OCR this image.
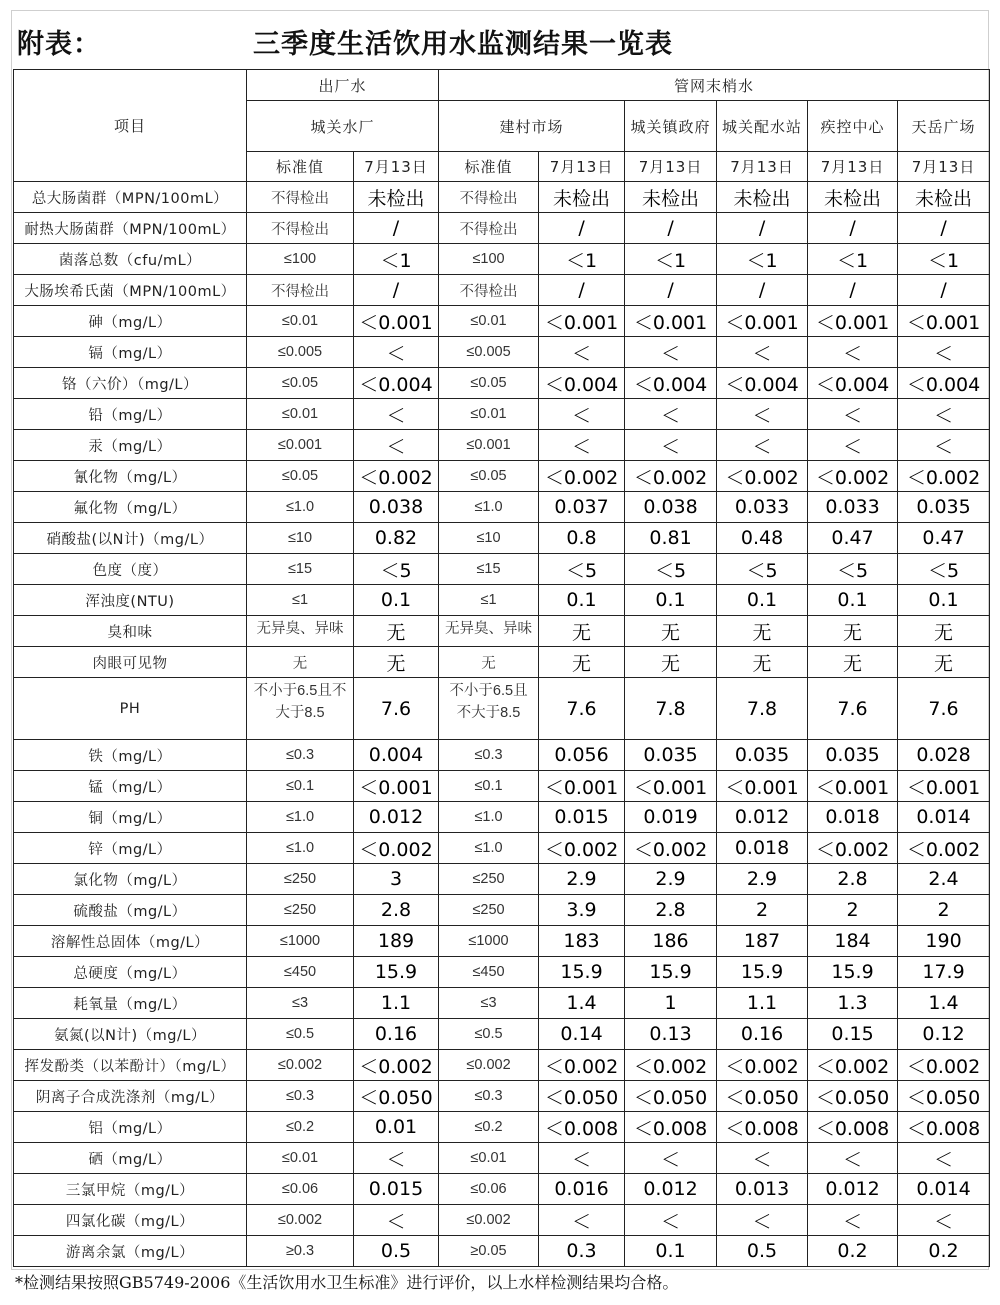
附表：	三季度生活饮用水监测结果一览表
项目	出厂水		管网末梢水					
	城关水厂		建村市场		城关镇政府	城关配水站	疾控中心	天岳广场
	标准值	7月13日	标准值	7月13日	7月13日	7月13日	7月13日	7月13日
总大肠菌群（MPN/100mL）	不得检出	未检出	不得检出	未检出	未检出	未检出	未检出	未检出
耐热大肠菌群（MPN/100mL）	不得检出	/	不得检出	/	/	/	/	/
菌落总数（cfu/mL）	≤100	＜1	≤100	＜1	＜1	＜1	＜1	＜1
大肠埃希氏菌（MPN/100mL）	不得检出	/	不得检出	/	/	/	/	/
砷（mg/L）	≤0.01	＜0.001	≤0.01	＜0.001	＜0.001	＜0.001	＜0.001	＜0.001
镉（mg/L）	≤0.005	＜	≤0.005	＜	＜	＜	＜	＜
铬（六价）（mg/L）	≤0.05	＜0.004	≤0.05	＜0.004	＜0.004	＜0.004	＜0.004	＜0.004
铅（mg/L）	≤0.01	＜	≤0.01	＜	＜	＜	＜	＜
汞（mg/L）	≤0.001	＜	≤0.001	＜	＜	＜	＜	＜
氰化物（mg/L）	≤0.05	＜0.002	≤0.05	＜0.002	＜0.002	＜0.002	＜0.002	＜0.002
氟化物（mg/L）	≤1.0	0.038	≤1.0	0.037	0.038	0.033	0.033	0.035
硝酸盐(以N计)（mg/L）	≤10	0.82	≤10	0.8	0.81	0.48	0.47	0.47
色度（度）	≤15	＜5	≤15	＜5	＜5	＜5	＜5	＜5
浑浊度(NTU)	≤1	0.1	≤1	0.1	0.1	0.1	0.1	0.1
臭和味	无异臭、异味	无	无异臭、异味	无	无	无	无	无
肉眼可见物	无	无	无	无	无	无	无	无
PH	不小于6.5且不大于8.5	7.6	不小于6.5且不大于8.5	7.6	7.8	7.8	7.6	7.6
铁（mg/L）	≤0.3	0.004	≤0.3	0.056	0.035	0.035	0.035	0.028
锰（mg/L）	≤0.1	＜0.001	≤0.1	＜0.001	＜0.001	＜0.001	＜0.001	＜0.001
铜（mg/L）	≤1.0	0.012	≤1.0	0.015	0.019	0.012	0.018	0.014
锌（mg/L）	≤1.0	＜0.002	≤1.0	＜0.002	＜0.002	0.018	＜0.002	＜0.002
氯化物（mg/L）	≤250	3	≤250	2.9	2.9	2.9	2.8	2.4
硫酸盐（mg/L）	≤250	2.8	≤250	3.9	2.8	2	2	2
溶解性总固体（mg/L）	≤1000	189	≤1000	183	186	187	184	190
总硬度（mg/L）	≤450	15.9	≤450	15.9	15.9	15.9	15.9	17.9
耗氧量（mg/L）	≤3	1.1	≤3	1.4	1	1.1	1.3	1.4
氨氮(以N计)（mg/L）	≤0.5	0.16	≤0.5	0.14	0.13	0.16	0.15	0.12
挥发酚类（以苯酚计）（mg/L）	≤0.002	＜0.002	≤0.002	＜0.002	＜0.002	＜0.002	＜0.002	＜0.002
阴离子合成洗涤剂（mg/L）	≤0.3	＜0.050	≤0.3	＜0.050	＜0.050	＜0.050	＜0.050	＜0.050
铝（mg/L）	≤0.2	0.01	≤0.2	＜0.008	＜0.008	＜0.008	＜0.008	＜0.008
硒（mg/L）	≤0.01	＜	≤0.01	＜	＜	＜	＜	＜
三氯甲烷（mg/L）	≤0.06	0.015	≤0.06	0.016	0.012	0.013	0.012	0.014
四氯化碳（mg/L）	≤0.002	＜	≤0.002	＜	＜	＜	＜	＜
游离余氯（mg/L）	≥0.3	0.5	≥0.05	0.3	0.1	0.5	0.2	0.2
*检测结果按照GB5749-2006《生活饮用水卫生标准》进行评价，以上水样检测结果均合格。
